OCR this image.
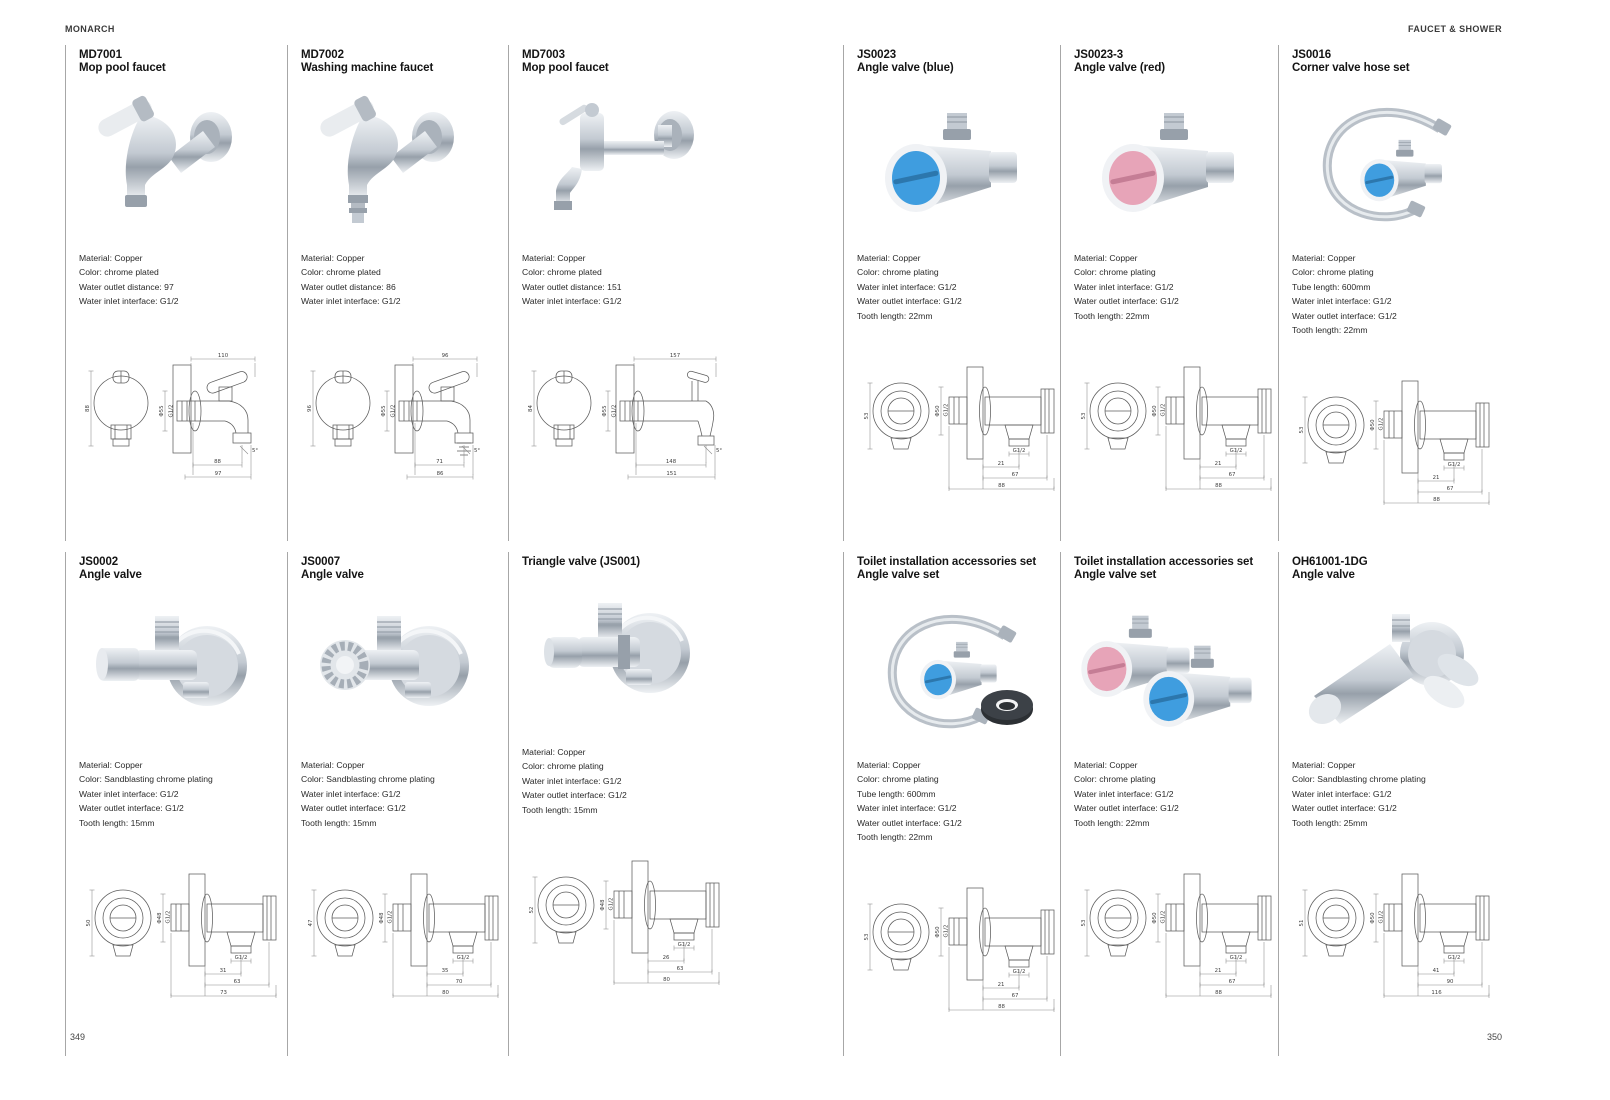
MONARCH	FAUCET & SHOWER
MD7001
Mop pool faucet
Material: Copper
Color: chrome plated
Water outlet distance: 97
Water inlet interface: G1/2
88
110
Φ55 G1/2
5°
88
97
MD7002
Washing machine faucet
Material: Copper
Color: chrome plated
Water outlet distance: 86
Water inlet interface: G1/2
96
96
Φ55 G1/2
5°
71
86
MD7003
Mop pool faucet
Material: Copper
Color: chrome plated
Water outlet distance: 151
Water inlet interface: G1/2
84
157
Φ55 G1/2
5°
148
151
JS0023
Angle valve (blue)
Material: Copper
Color: chrome plating
Water inlet interface: G1/2
Water outlet interface: G1/2
Tooth length: 22mm
53	Φ50 G1/2
G1/2
21
67
88
JS0023-3
Angle valve (red)
Material: Copper
Color: chrome plating
Water inlet interface: G1/2
Water outlet interface: G1/2
Tooth length: 22mm
53	Φ50 G1/2
G1/2
21
67
88
JS0016
Corner valve hose set
Material: Copper
Color: chrome plating
Tube length: 600mm
Water inlet interface: G1/2
Water outlet interface: G1/2
Tooth length: 22mm
53	Φ50 G1/2
G1/2
21
67
88
JS0002
Angle valve
Material: Copper
Color: Sandblasting chrome plating
Water inlet interface: G1/2
Water outlet interface: G1/2
Tooth length: 15mm
50	Φ48 G1/2
G1/2
31
63
73
JS0007
Angle valve
Material: Copper
Color: Sandblasting chrome plating
Water inlet interface: G1/2
Water outlet interface: G1/2
Tooth length: 15mm
47	Φ48 G1/2
G1/2
35
70
80
Triangle valve (JS001)
Material: Copper
Color: chrome plating
Water inlet interface: G1/2
Water outlet interface: G1/2
Tooth length: 15mm
52	Φ48 G1/2
G1/2
26
63
80
Toilet installation accessories set
Angle valve set
Material: Copper
Color: chrome plating
Tube length: 600mm
Water inlet interface: G1/2
Water outlet interface: G1/2
Tooth length: 22mm
53	Φ50 G1/2
G1/2
21
67
88
Toilet installation accessories set
Angle valve set
Material: Copper
Color: chrome plating
Water inlet interface: G1/2
Water outlet interface: G1/2
Tooth length: 22mm
53	Φ50 G1/2
G1/2
21
67
88
OH61001-1DG
Angle valve
Material: Copper
Color: Sandblasting chrome plating
Water inlet interface: G1/2
Water outlet interface: G1/2
Tooth length: 25mm
51	Φ50 G1/2
G1/2
41
90
116
349	350
